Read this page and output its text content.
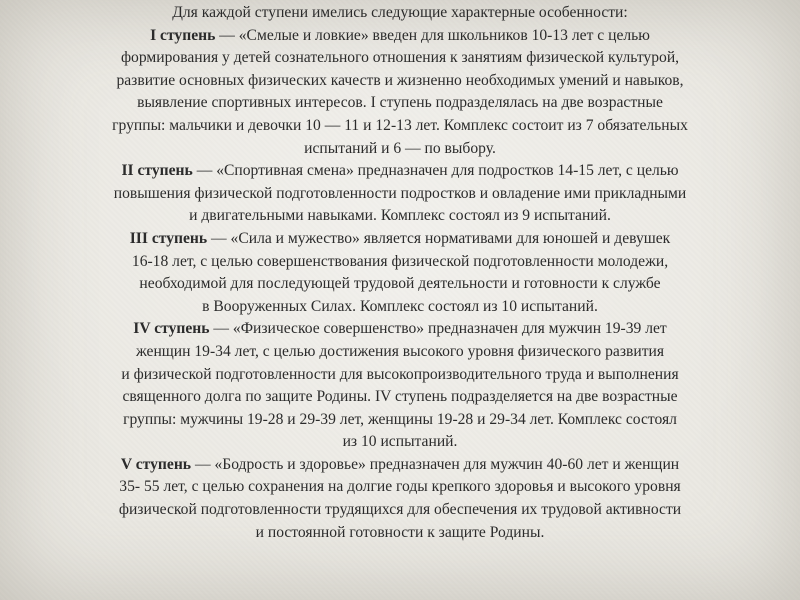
Для каждой ступени имелись следующие характерные особенности:
I ступень — «Смелые и ловкие» введен для школьников 10-13 лет с целью
формирования у детей сознательного отношения к занятиям физической культурой,
развитие основных физических качеств и жизненно необходимых умений и навыков,
выявление спортивных интересов. I ступень подразделялась на две возрастные
группы: мальчики и девочки 10 — 11 и 12-13 лет. Комплекс состоит из 7 обязательных
испытаний и 6 — по выбору.
II ступень — «Спортивная смена» предназначен для подростков 14-15 лет, с целью
повышения физической подготовленности подростков и овладение ими прикладными
и двигательными навыками. Комплекс состоял из 9 испытаний.
III ступень — «Сила и мужество» является нормативами для юношей и девушек
16-18 лет, с целью совершенствования физической подготовленности молодежи,
необходимой для последующей трудовой деятельности и готовности к службе
в Вооруженных Силах. Комплекс состоял из 10 испытаний.
IV ступень — «Физическое совершенство» предназначен для мужчин 19-39 лет
женщин 19-34 лет, с целью достижения высокого уровня физического развития
и физической подготовленности для высокопроизводительного труда и выполнения
священного долга по защите Родины. IV ступень подразделяется на две возрастные
группы: мужчины 19-28 и 29-39 лет, женщины 19-28 и 29-34 лет. Комплекс состоял
из 10 испытаний.
V ступень — «Бодрость и здоровье» предназначен для мужчин 40-60 лет и женщин
35- 55 лет, с целью сохранения на долгие годы крепкого здоровья и высокого уровня
физической подготовленности трудящихся для обеспечения их трудовой активности
и постоянной готовности к защите Родины.
